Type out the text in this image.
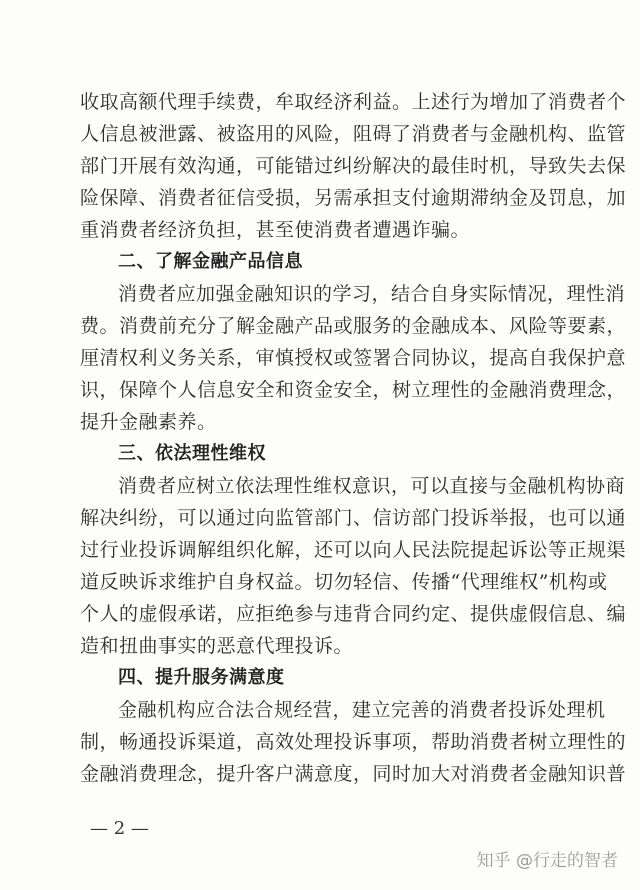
收取高额代理手续费，牟取经济利益。上述行为增加了消费者个
人信息被泄露、被盗用的风险，阻碍了消费者与金融机构、监管
部门开展有效沟通，可能错过纠纷解决的最佳时机，导致失去保
险保障、消费者征信受损，另需承担支付逾期滞纳金及罚息，加
重消费者经济负担，甚至使消费者遭遇诈骗。
二、了解金融产品信息
消费者应加强金融知识的学习，结合自身实际情况，理性消
费。消费前充分了解金融产品或服务的金融成本、风险等要素，
厘清权利义务关系，审慎授权或签署合同协议，提高自我保护意
识，保障个人信息安全和资金安全，树立理性的金融消费理念，
提升金融素养。
三、依法理性维权
消费者应树立依法理性维权意识，可以直接与金融机构协商
解决纠纷，可以通过向监管部门、信访部门投诉举报，也可以通
过行业投诉调解组织化解，还可以向人民法院提起诉讼等正规渠
道反映诉求维护自身权益。切勿轻信、传播“代理维权”机构或
个人的虚假承诺，应拒绝参与违背合同约定、提供虚假信息、编
造和扭曲事实的恶意代理投诉。
四、提升服务满意度
金融机构应合法合规经营，建立完善的消费者投诉处理机
制，畅通投诉渠道，高效处理投诉事项，帮助消费者树立理性的
金融消费理念，提升客户满意度，同时加大对消费者金融知识普
— 2 —
知乎 @行走的智者
